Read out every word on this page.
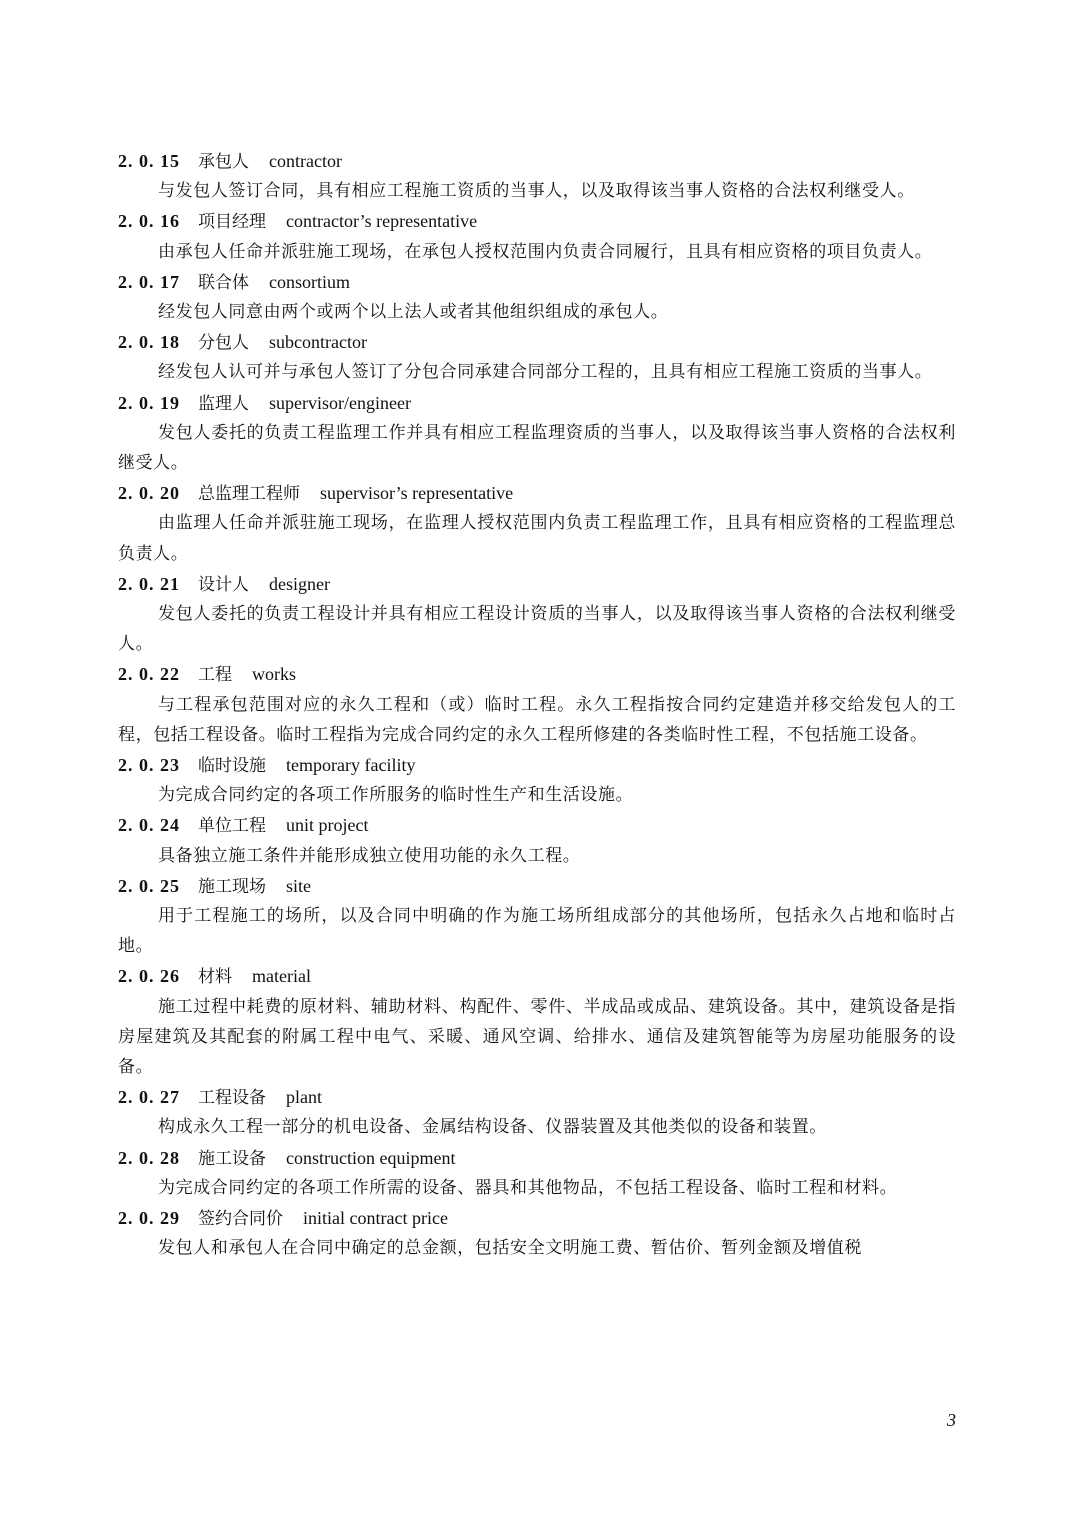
2. 0. 15 承包人 contractor

与发包人签订合同，具有相应工程施工资质的当事人，以及取得该当事人资格的合法权利继受人。

2. 0. 16 项目经理 contractor’s representative

由承包人任命并派驻施工现场，在承包人授权范围内负责合同履行，且具有相应资格的项目负责人。

2. 0. 17 联合体 consortium

经发包人同意由两个或两个以上法人或者其他组织组成的承包人。

2. 0. 18 分包人 subcontractor

经发包人认可并与承包人签订了分包合同承建合同部分工程的，且具有相应工程施工资质的当事人。

2. 0. 19 监理人 supervisor/engineer

发包人委托的负责工程监理工作并具有相应工程监理资质的当事人，以及取得该当事人资格的合法权利继受人。

2. 0. 20 总监理工程师 supervisor’s representative

由监理人任命并派驻施工现场，在监理人授权范围内负责工程监理工作，且具有相应资格的工程监理总负责人。

2. 0. 21 设计人 designer

发包人委托的负责工程设计并具有相应工程设计资质的当事人，以及取得该当事人资格的合法权利继受人。

2. 0. 22 工程 works

与工程承包范围对应的永久工程和（或）临时工程。永久工程指按合同约定建造并移交给发包人的工程，包括工程设备。临时工程指为完成合同约定的永久工程所修建的各类临时性工程，不包括施工设备。

2. 0. 23 临时设施 temporary facility

为完成合同约定的各项工作所服务的临时性生产和生活设施。

2. 0. 24 单位工程 unit project

具备独立施工条件并能形成独立使用功能的永久工程。

2. 0. 25 施工现场 site

用于工程施工的场所，以及合同中明确的作为施工场所组成部分的其他场所，包括永久占地和临时占地。

2. 0. 26 材料 material

施工过程中耗费的原材料、辅助材料、构配件、零件、半成品或成品、建筑设备。其中，建筑设备是指房屋建筑及其配套的附属工程中电气、采暖、通风空调、给排水、通信及建筑智能等为房屋功能服务的设备。

2. 0. 27 工程设备 plant

构成永久工程一部分的机电设备、金属结构设备、仪器装置及其他类似的设备和装置。

2. 0. 28 施工设备 construction equipment

为完成合同约定的各项工作所需的设备、器具和其他物品，不包括工程设备、临时工程和材料。

2. 0. 29 签约合同价 initial contract price

发包人和承包人在合同中确定的总金额，包括安全文明施工费、暂估价、暂列金额及增值税

3
